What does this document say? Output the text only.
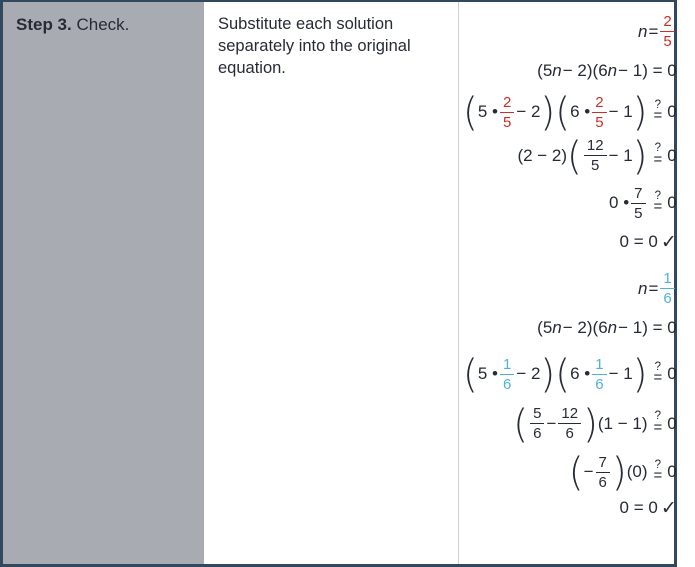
Step 3. Check.	Substitute each solution separately into the original equation.
$n = \frac{2}{5}$
(5 n − 2)(6 n − 1) = 0
( 5 • $\frac{2}{5} - 2$ ) ( 6 • $\frac{2}{5} - 1$ ) ?
= 0
(2 − 2) ( $\frac{12}{5} - 1$ ) ?
= 0
0 • $\frac{7}{5}$ ?
= 0
0 = 0 ✓
$n = \frac{1}{6}$
(5 n − 2)(6 n − 1) = 0
( 5 • $\frac{1}{6} - 2$ ) ( 6 • $\frac{1}{6} - 1$ ) ?
= 0
( $\frac{5}{6} - \frac{12}{6}$ ) (1 − 1) ?
= 0
( − $\frac{7}{6}$ ) (0) ?
= 0
0 = 0 ✓
